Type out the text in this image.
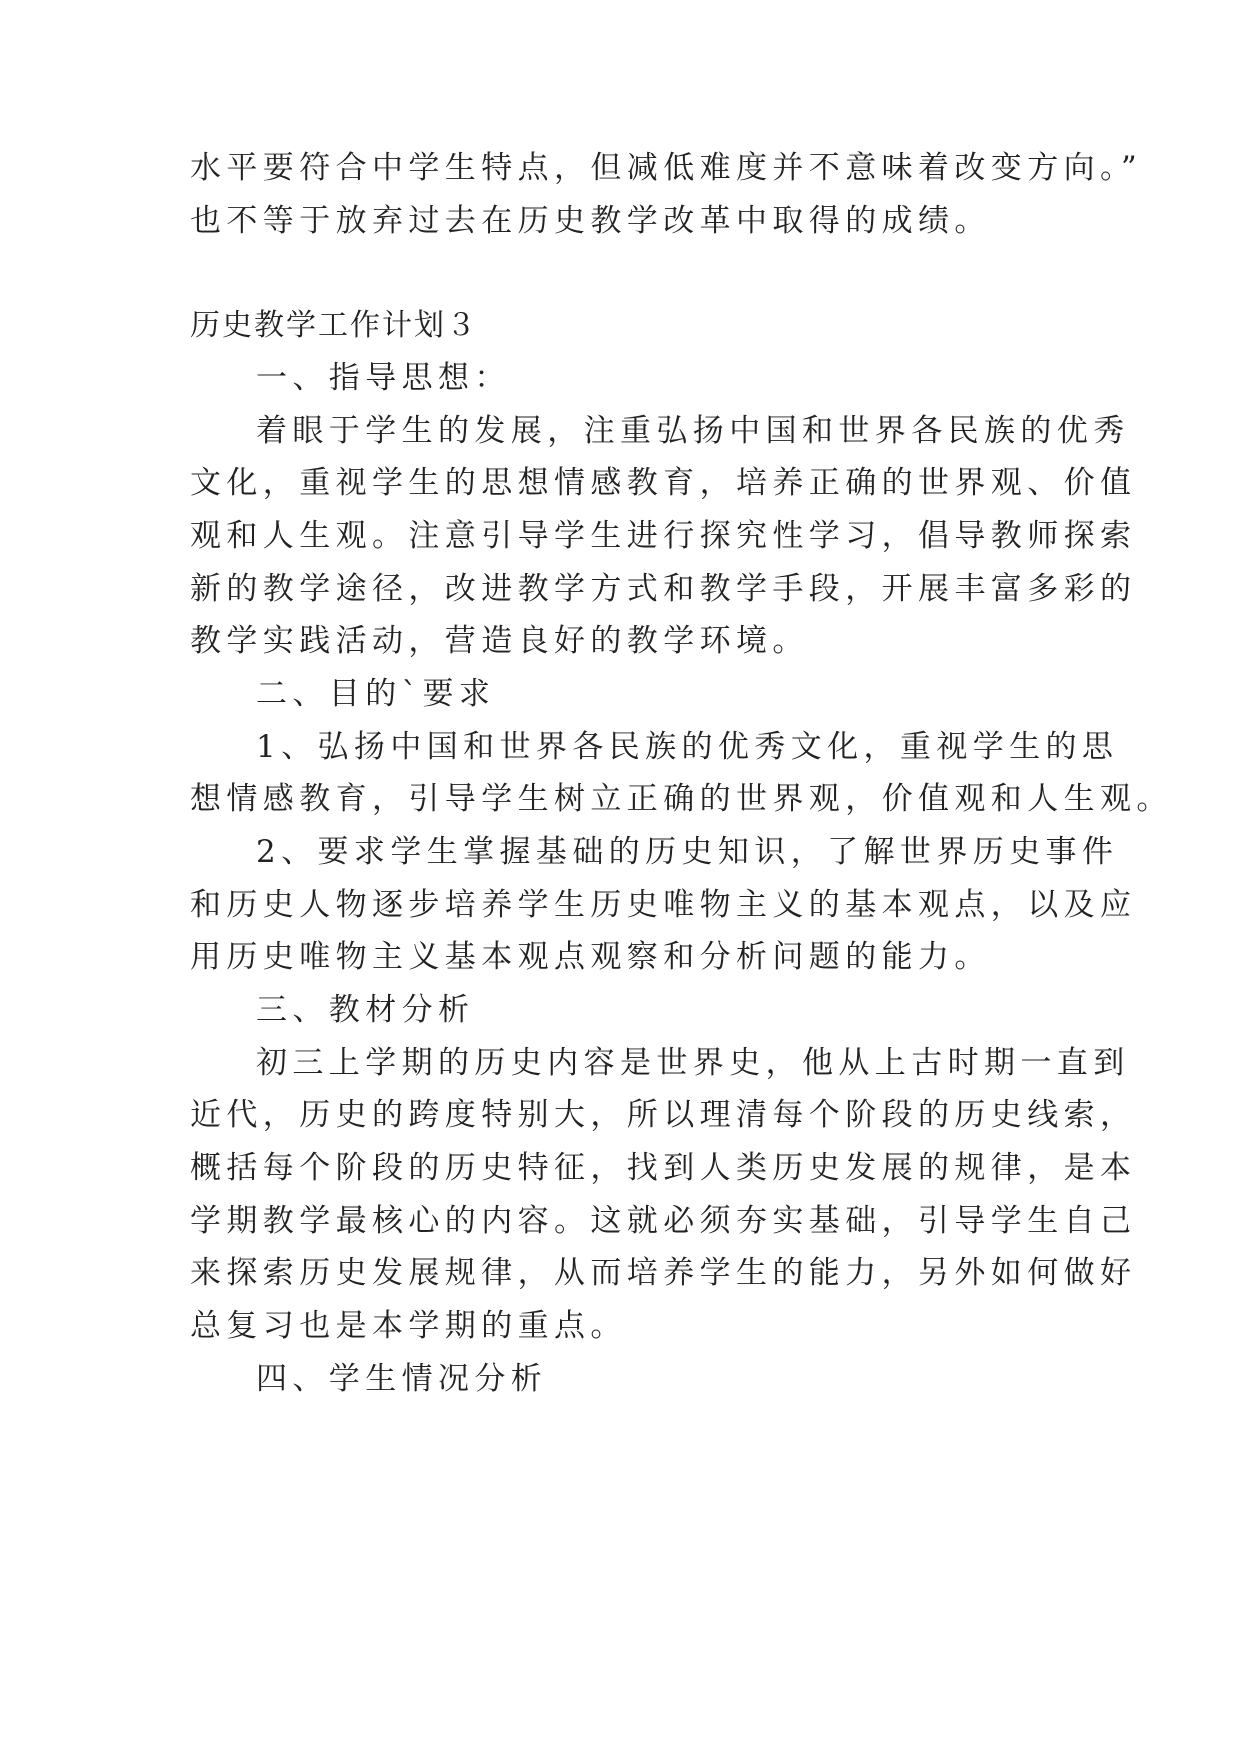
水平要符合中学生特点，但减低难度并不意味着改变方向。”
也不等于放弃过去在历史教学改革中取得的成绩。
历史教学工作计划３
一、指导思想：
着眼于学生的发展，注重弘扬中国和世界各民族的优秀
文化，重视学生的思想情感教育，培养正确的世界观、价值
观和人生观。注意引导学生进行探究性学习，倡导教师探索
新的教学途径，改进教学方式和教学手段，开展丰富多彩的
教学实践活动，营造良好的教学环境。
二、目的`要求
1、弘扬中国和世界各民族的优秀文化，重视学生的思
想情感教育，引导学生树立正确的世界观，价值观和人生观。
2、要求学生掌握基础的历史知识，了解世界历史事件
和历史人物逐步培养学生历史唯物主义的基本观点，以及应
用历史唯物主义基本观点观察和分析问题的能力。
三、教材分析
初三上学期的历史内容是世界史，他从上古时期一直到
近代，历史的跨度特别大，所以理清每个阶段的历史线索，
概括每个阶段的历史特征，找到人类历史发展的规律，是本
学期教学最核心的内容。这就必须夯实基础，引导学生自己
来探索历史发展规律，从而培养学生的能力，另外如何做好
总复习也是本学期的重点。
四、学生情况分析
